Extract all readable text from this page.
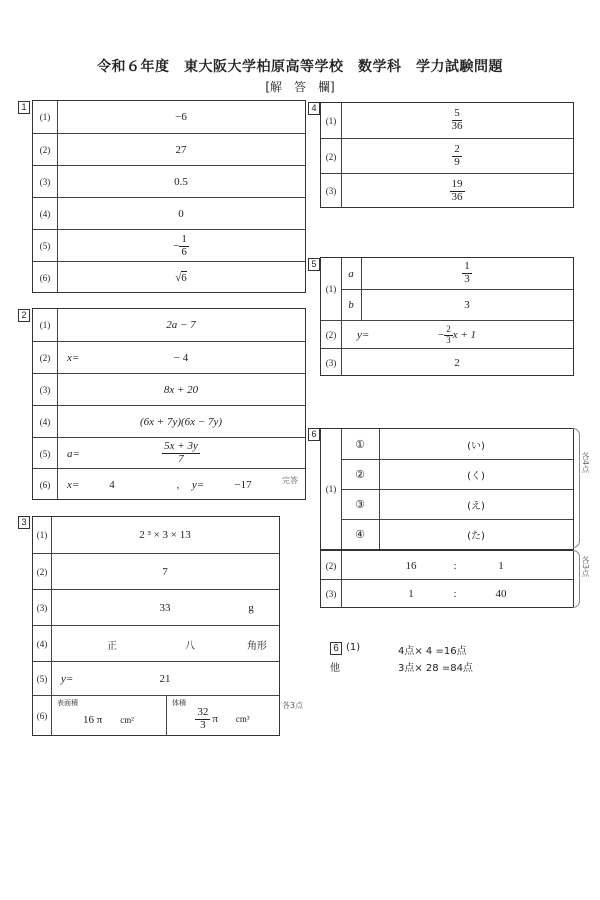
令和６年度　東大阪大学柏原高等学校　数学科　学力試験問題
[解　答　欄]
1
(1)	−6
(2)	27
(3)	0.5
(4)	0
(5)	− $\frac{1}{6}$
(6)	√ 6
2
(1)	2a − 7
(2)	x=	− 4
(3)	8x + 20
(4)	(6x + 7y)(6x − 7y)
(5)	a=	$\frac{5x + 3y}{7}$
(6)	x=	4	,	y=	−17	完答
3
(1)	2 ³ × 3 × 13
(2)	7
(3)	33	g
(4)	正	八	角形
(5)	y=	21
(6)
表面積
16 π cm²
体積
$\frac{32}{3}$ π cm³
各3点
4
(1)	$\frac{5}{36}$
(2)	$\frac{2}{9}$
(3)	$\frac{19}{36}$
5
(1)
a	$\frac{1}{3}$
b	3
(2)	y=	− $\frac{2}{3}$ x + 1
(3)	2
6
(1)
①	(い)
②	(く)
③	(え)
④	(た)
(2)	16	:	1
(3)	1	:	40
各4点
各3点
6 (1)	4点× 4 =16点
他	3点× 28 =84点
